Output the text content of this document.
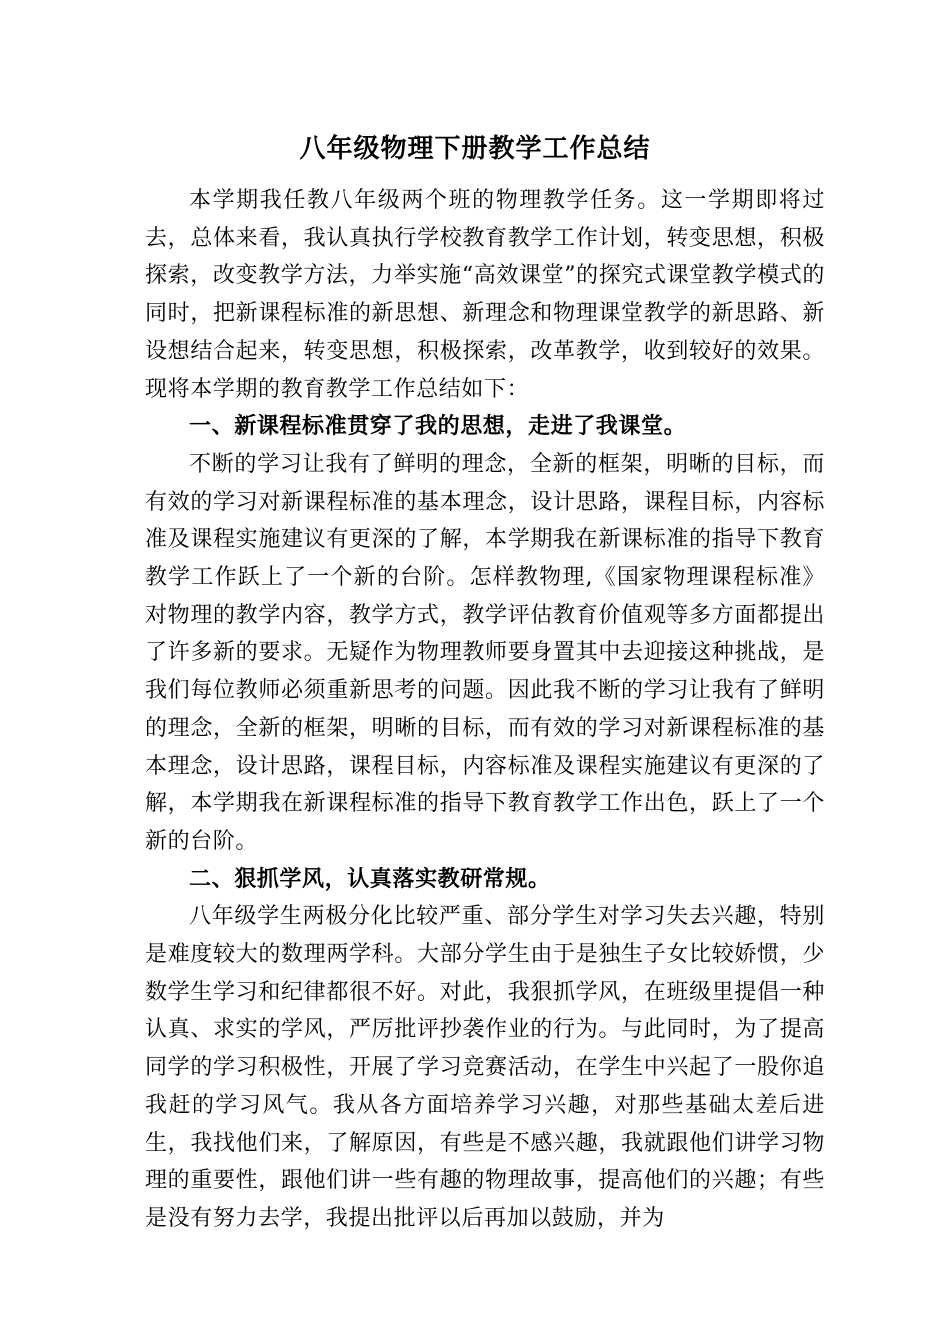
八年级物理下册教学工作总结

本学期我任教八年级两个班的物理教学任务。这一学期即将过去，总体来看，我认真执行学校教育教学工作计划，转变思想，积极探索，改变教学方法，力举实施“高效课堂”的探究式课堂教学模式的同时，把新课程标准的新思想、新理念和物理课堂教学的新思路、新设想结合起来，转变思想，积极探索，改革教学，收到较好的效果。现将本学期的教育教学工作总结如下：

一、新课程标准贯穿了我的思想，走进了我课堂。

不断的学习让我有了鲜明的理念，全新的框架，明晰的目标，而有效的学习对新课程标准的基本理念，设计思路，课程目标，内容标准及课程实施建议有更深的了解，本学期我在新课标准的指导下教育教学工作跃上了一个新的台阶。怎样教物理,《国家物理课程标准》对物理的教学内容，教学方式，教学评估教育价值观等多方面都提出了许多新的要求。无疑作为物理教师要身置其中去迎接这种挑战，是我们每位教师必须重新思考的问题。因此我不断的学习让我有了鲜明的理念，全新的框架，明晰的目标，而有效的学习对新课程标准的基本理念，设计思路，课程目标，内容标准及课程实施建议有更深的了解，本学期我在新课程标准的指导下教育教学工作出色，跃上了一个新的台阶。

二、狠抓学风，认真落实教研常规。

八年级学生两极分化比较严重、部分学生对学习失去兴趣，特别是难度较大的数理两学科。大部分学生由于是独生子女比较娇惯，少数学生学习和纪律都很不好。对此，我狠抓学风，在班级里提倡一种认真、求实的学风，严厉批评抄袭作业的行为。与此同时，为了提高同学的学习积极性，开展了学习竞赛活动，在学生中兴起了一股你追我赶的学习风气。我从各方面培养学习兴趣，对那些基础太差后进生，我找他们来，了解原因，有些是不感兴趣，我就跟他们讲学习物理的重要性，跟他们讲一些有趣的物理故事，提高他们的兴趣；有些是没有努力去学，我提出批评以后再加以鼓励，并为
